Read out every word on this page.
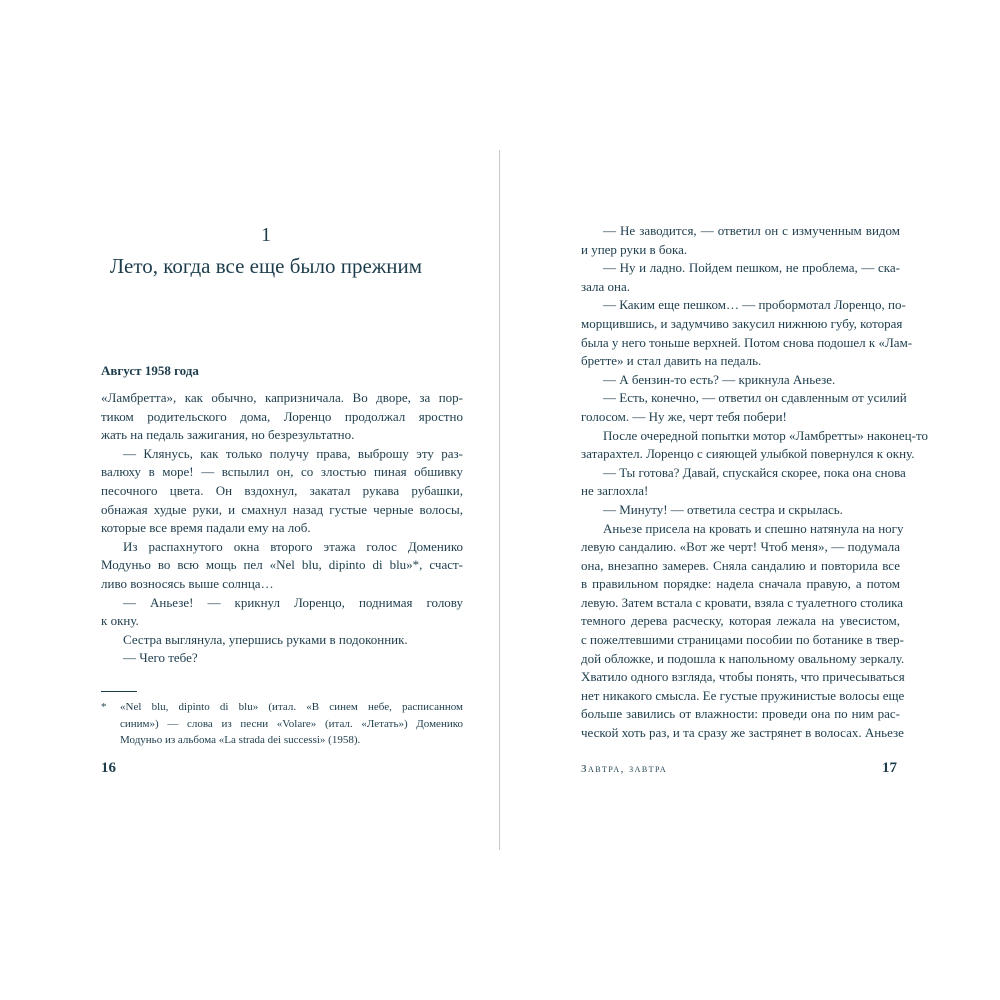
1
Лето, когда все еще было прежним
Август 1958 года
«Ламбретта», как обычно, капризничала. Во дворе, за пор-
тиком родительского дома, Лоренцо продолжал яростно
жать на педаль зажигания, но безрезультатно.
— Клянусь, как только получу права, выброшу эту раз-
валюху в море! — вспылил он, со злостью пиная обшивку
песочного цвета. Он вздохнул, закатал рукава рубашки,
обнажая худые руки, и смахнул назад густые черные волосы,
которые все время падали ему на лоб.
Из распахнутого окна второго этажа голос Доменико
Модуньо во всю мощь пел «Nel blu, dipinto di blu»*, счаст-
ливо возносясь выше солнца…
— Аньезе! — крикнул Лоренцо, поднимая голову
к окну.
Сестра выглянула, упершись руками в подоконник.
— Чего тебе?
* «Nel blu, dipinto di blu» (итал. «В синем небе, расписанном
синим») — слова из песни «Volare» (итал. «Летать») Доменико
Модуньо из альбома «La strada dei successi» (1958).
16
— Не заводится, — ответил он с измученным видом
и упер руки в бока.
— Ну и ладно. Пойдем пешком, не проблема, — ска-
зала она.
— Каким еще пешком… — пробормотал Лоренцо, по-
морщившись, и задумчиво закусил нижнюю губу, которая
была у него тоньше верхней. Потом снова подошел к «Лам-
бретте» и стал давить на педаль.
— А бензин-то есть? — крикнула Аньезе.
— Есть, конечно, — ответил он сдавленным от усилий
голосом. — Ну же, черт тебя побери!
После очередной попытки мотор «Ламбретты» наконец-то
затарахтел. Лоренцо с сияющей улыбкой повернулся к окну.
— Ты готова? Давай, спускайся скорее, пока она снова
не заглохла!
— Минуту! — ответила сестра и скрылась.
Аньезе присела на кровать и спешно натянула на ногу
левую сандалию. «Вот же черт! Чтоб меня», — подумала
она, внезапно замерев. Сняла сандалию и повторила все
в правильном порядке: надела сначала правую, а потом
левую. Затем встала с кровати, взяла с туалетного столика
темного дерева расческу, которая лежала на увесистом,
с пожелтевшими страницами пособии по ботанике в твер-
дой обложке, и подошла к напольному овальному зеркалу.
Хватило одного взгляда, чтобы понять, что причесываться
нет никакого смысла. Ее густые пружинистые волосы еще
больше завились от влажности: проведи она по ним рас-
ческой хоть раз, и та сразу же застрянет в волосах. Аньезе
Завтра, завтра	17
